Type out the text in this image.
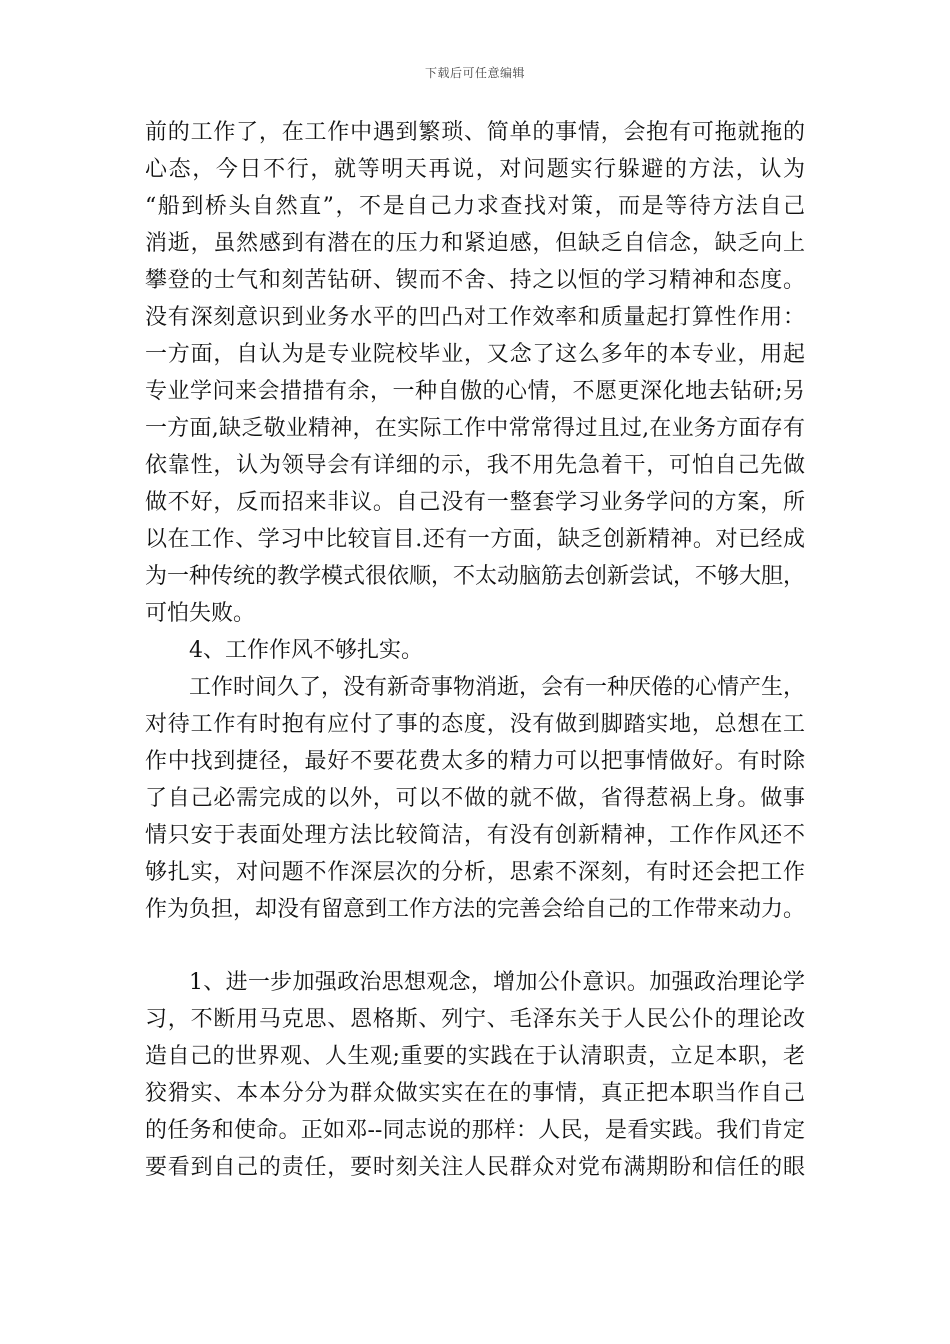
下载后可任意编辑
前的工作了，在工作中遇到繁琐、简单的事情，会抱有可拖就拖的
心态，今日不行，就等明天再说，对问题实行躲避的方法，认为
“船到桥头自然直”，不是自己力求查找对策，而是等待方法自己
消逝，虽然感到有潜在的压力和紧迫感，但缺乏自信念，缺乏向上
攀登的士气和刻苦钻研、锲而不舍、持之以恒的学习精神和态度。
没有深刻意识到业务水平的凹凸对工作效率和质量起打算性作用：
一方面，自认为是专业院校毕业，又念了这么多年的本专业，用起
专业学问来会措措有余，一种自傲的心情，不愿更深化地去钻研;另
一方面,缺乏敬业精神，在实际工作中常常得过且过,在业务方面存有
依靠性，认为领导会有详细的示，我不用先急着干，可怕自己先做
做不好，反而招来非议。自己没有一整套学习业务学问的方案，所
以在工作、学习中比较盲目.还有一方面，缺乏创新精神。对已经成
为一种传统的教学模式很依顺，不太动脑筋去创新尝试，不够大胆，
可怕失败。
4、工作作风不够扎实。
工作时间久了，没有新奇事物消逝，会有一种厌倦的心情产生，
对待工作有时抱有应付了事的态度，没有做到脚踏实地，总想在工
作中找到捷径，最好不要花费太多的精力可以把事情做好。有时除
了自己必需完成的以外，可以不做的就不做，省得惹祸上身。做事
情只安于表面处理方法比较简洁，有没有创新精神，工作作风还不
够扎实，对问题不作深层次的分析，思索不深刻，有时还会把工作
作为负担，却没有留意到工作方法的完善会给自己的工作带来动力。
1、进一步加强政治思想观念，增加公仆意识。加强政治理论学
习，不断用马克思、恩格斯、列宁、毛泽东关于人民公仆的理论改
造自己的世界观、人生观;重要的实践在于认清职责，立足本职，老
狡猾实、本本分分为群众做实实在在的事情，真正把本职当作自己
的任务和使命。正如邓--同志说的那样：人民，是看实践。我们肯定
要看到自己的责任，要时刻关注人民群众对党布满期盼和信任的眼
